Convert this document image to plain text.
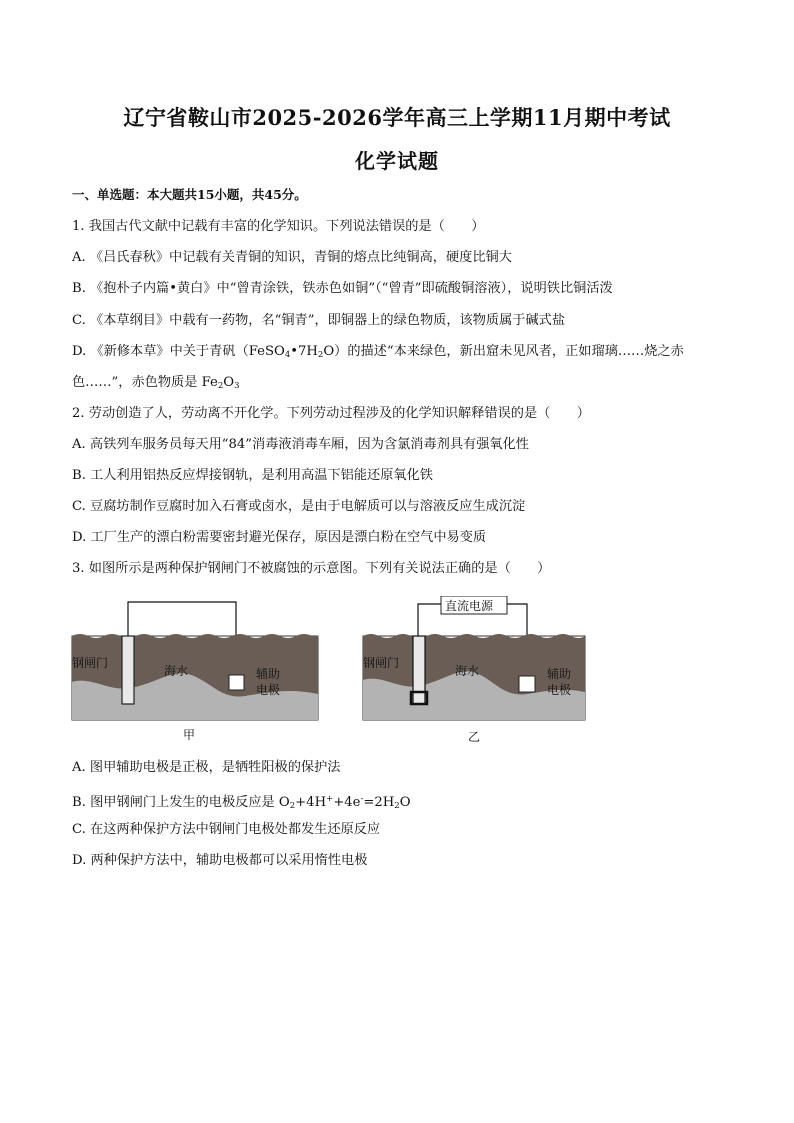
辽宁省鞍山市2025-2026学年高三上学期11月期中考试
化学试题
一、单选题：本大题共15小题，共45分。
1. 我国古代文献中记载有丰富的化学知识。下列说法错误的是（　　）
A. 《吕氏春秋》中记载有关青铜的知识，青铜的熔点比纯铜高，硬度比铜大
B. 《抱朴子内篇•黄白》中“曾青涂铁，铁赤色如铜”（“曾青”即硫酸铜溶液），说明铁比铜活泼
C. 《本草纲目》中载有一药物，名“铜青”，即铜器上的绿色物质，该物质属于碱式盐
D. 《新修本草》中关于青矾$(FeSO_4•7H_2O)$的描述“本来绿色，新出窟未见风者，正如瑠璃……烧之赤
色……”，赤色物质是 $Fe_2O_3$
2. 劳动创造了人，劳动离不开化学。下列劳动过程涉及的化学知识解释错误的是（　　）
A. 高铁列车服务员每天用“84”消毒液消毒车厢，因为含氯消毒剂具有强氧化性
B. 工人利用铝热反应焊接钢轨，是利用高温下铝能还原氧化铁
C. 豆腐坊制作豆腐时加入石膏或卤水，是由于电解质可以与溶液反应生成沉淀
D. 工厂生产的漂白粉需要密封避光保存，原因是漂白粉在空气中易变质
3. 如图所示是两种保护钢闸门不被腐蚀的示意图。下列有关说法正确的是（　　）
钢闸门
海水	辅助
电极
甲
直流电源
钢闸门
海水	辅助
电极
乙
A. 图甲辅助电极是正极，是牺牲阳极的保护法
B. 图甲钢闸门上发生的电极反应是 $O_2+4H^++4e^-=2H_2O$
C. 在这两种保护方法中钢闸门电极处都发生还原反应
D. 两种保护方法中，辅助电极都可以采用惰性电极
